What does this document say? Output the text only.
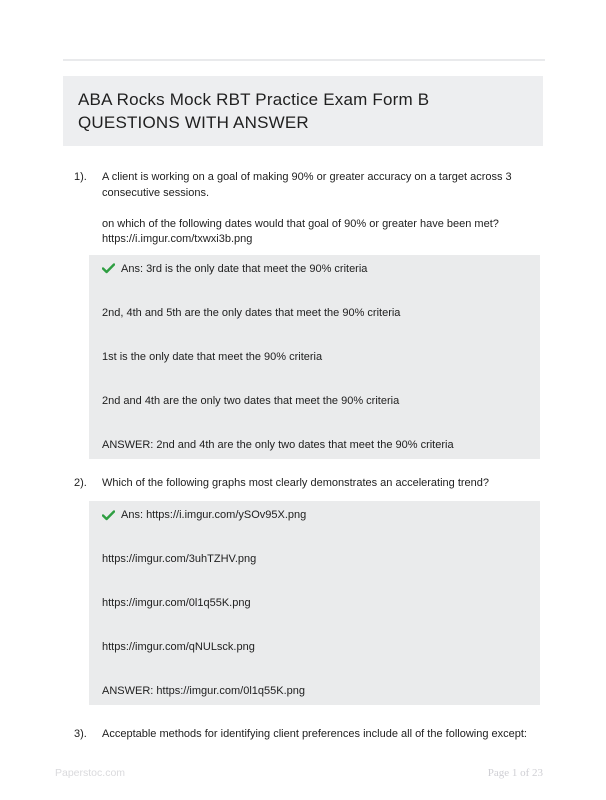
ABA Rocks Mock RBT Practice Exam Form B
QUESTIONS WITH ANSWER
1).	A client is working on a goal of making 90% or greater accuracy on a target across 3 consecutive sessions.

on which of the following dates would that goal of 90% or greater have been met?

https://i.imgur.com/txwxi3b.png

Ans: 3rd is the only date that meet the 90% criteria
2nd, 4th and 5th are the only dates that meet the 90% criteria
1st is the only date that meet the 90% criteria
2nd and 4th are the only two dates that meet the 90% criteria
ANSWER: 2nd and 4th are the only two dates that meet the 90% criteria
2).	Which of the following graphs most clearly demonstrates an accelerating trend?

Ans: https://i.imgur.com/ySOv95X.png
https://imgur.com/3uhTZHV.png
https://imgur.com/0l1q55K.png
https://imgur.com/qNULsck.png
ANSWER: https://imgur.com/0l1q55K.png
3).	Acceptable methods for identifying client preferences include all of the following except:

Paperstoc.com	Page 1 of 23
